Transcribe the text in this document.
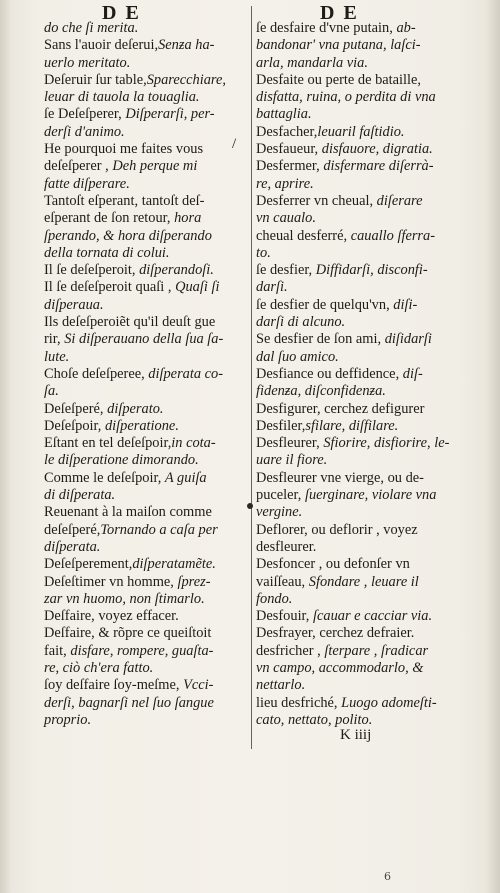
D E	D E
do che ſi merita.
Sans l'auoir deſerui,Senƶa ha-
uerlo meritato.
Deſeruir ſur table,Sparecchiare,
leuar di tauola la touaglia.
ſe Deſeſperer, Diſperarſi, per-
derſi d'animo.
He pourquoi me faites vous
deſeſperer , Deh perque mi
fatte diſperare.
Tantoſt eſperant, tantoſt deſ-
eſperant de ſon retour, hora
ſperando, & hora diſperando
della tornata di colui.
Il ſe deſeſperoit, diſperandoſi.
Il ſe deſeſperoit quaſi , Quaſi ſi
diſperaua.
Ils deſeſperoiẽt qu'il deuſt gue
rir, Si diſperauano della ſua ſa-
lute.
Choſe deſeſperee, diſperata co-
ſa.
Deſeſperé, diſperato.
Deſeſpoir, diſperatione.
Eſtant en tel deſeſpoir,in cota-
le diſperatione dimorando.
Comme le deſeſpoir, A guiſa
di diſperata.
Reuenant à la maiſon comme
deſeſperé,Tornando a caſa per
diſperata.
Deſeſperement,diſperatamẽte.
Deſeſtimer vn homme, ſprez-
zar vn huomo, non ſtimarlo.
Deſfaire, voyez effacer.
Deſfaire, & rõpre ce queiſtoit
fait, disfare, rompere, guaſta-
re, ciò ch'era fatto.
ſoy deſfaire ſoy-meſme, Vcci-
derſi, bagnarſi nel ſuo ſangue
proprio.
ſe desfaire d'vne putain, ab-
bandonar' vna putana, laſci-
arla, mandarla via.
Desfaite ou perte de bataille,
disfatta, ruina, o perdita di vna
battaglia.
Desfacher,leuaril faſtidio.
Desfaueur, disfauore, digratia.
Desfermer, disfermare diſerrà-
re, aprire.
Desferrer vn cheual, diſerare
vn caualo.
cheual desferré, cauallo ſferra-
to.
ſe desfier, Diffidarſi, disconfi-
darſi.
ſe desfier de quelqu'vn, diſi-
darſi di alcuno.
Se desfier de ſon ami, diſidarſi
dal ſuo amico.
Desfiance ou deffidence, diſ-
fidenƶa, diſconfidenƶa.
Desfigurer, cerchez defigurer
Desfiler,sfilare, diſfilare.
Desfleurer, Sfiorire, disfiorire, le-
uare il fiore.
Desfleurer vne vierge, ou de-
puceler, ſuerginare, violare vna
vergine.
Deflorer, ou deflorir , voyez
desfleurer.
Desfoncer , ou defonſer vn
vaiſſeau, Sfondare , leuare il
fondo.
Desfouir, ſcauar e cacciar via.
Desfrayer, cerchez defraier.
desfricher , ſterpare , ſradicar
vn campo, accommodarlo, &
nettarlo.
lieu desfriché, Luogo adomeſti-
cato, nettato, polito.
/
K iiij
6
